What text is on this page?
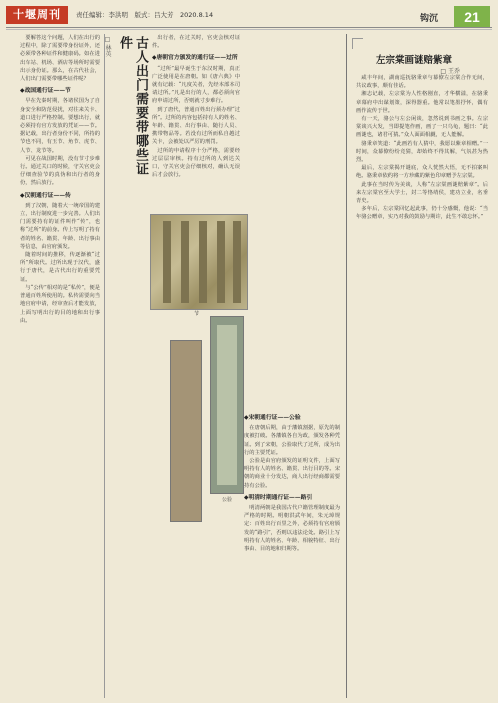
十堰周刊	责任编辑：李洪明　版式：吕大芳　2020.8.14	钩沉	21

要解答这个问题，人们在出行的过程中，除了需要带身份证外，还必须带各种证件和健康码。如在进出车站、机场、酒店等场所时需要出示身份证。那么，在古代社会，人们出门需要带哪些证件呢？

◆战国通行证——节

早在先秦时期，各诸侯国为了自身安全和防范侵扰，对往来关卡、道口进行严格控制。要想出行，就必须持有官方发放的凭证——节。据记载，出行者身份不同，所持的节也不同，有玉节、角节、虎节、人节、龙节等。

可见在战国时期，没有节寸步难行。通过关口的时候，守关官吏会仔细查验节的真伪和出行者的身份，然后放行。

◆汉朝通行证——传

到了汉朝，随着大一统帝国的建立，出行制度进一步完善。人们出门需要持有的证件叫作“传”，也称“过所”的前身。传上写明了持有者的姓名、籍贯、年龄、出行事由等信息，由官府颁发。

随着时间的推移，传逐渐被“过所”所取代。过所出现于汉代，盛行于唐代，是古代出行的重要凭证。

与“公传”相对的是“私传”，便是普通百姓所使用的。私传需要向当地官府申请，经审查后才能发放，上面写明出行的目的地和出行事由。

古人出门需要带哪些证件
□ 林英	出行者，在过关时，官吏会核对证件。

◆唐朝官方颁发的通行证——过所

“过所”最早诞生于东汉时期，真正广泛使用是在唐朝。如《唐六典》中就有记载：“凡度关者，先经本部本司请过所。”凡是出行的人，都必须向官府申请过所，否则就寸步难行。

到了唐代，普通百姓出行须办理“过所”。过所的内容包括持有人的姓名、年龄、籍贯、出行事由、随行人员、携带物品等。若没有过所而私自越过关卡，会被处以严厉的刑罚。

过所的申请程序十分严格，需要经过层层审核。持有过所的人到达关口，守关官吏会仔细核对，确认无误后才会放行。

节
公验
◆宋朝通行证——公验

在唐朝后期，由于藩镇割据，原先的制度被打破。各藩镇各自为政，颁发各种凭证。到了宋朝，公验取代了过所，成为出行的主要凭证。

公验是由官府颁发的证明文件，上面写明持有人的姓名、籍贯、出行目的等。宋朝的商业十分发达，商人出行经商都需要持有公验。

◆明清时期通行证——路引

明清两朝是我国古代户籍管理制度最为严格的时期。明朝洪武年间，朱元璋规定：百姓出行百里之外，必须持有官府颁发的“路引”，否则以违法论处。路引上写明持有人的姓名、年龄、相貌特征、出行事由、目的地和归期等。

左宗棠画谜赔紫章
□ 王乔

咸丰年间，湖南巡抚骆秉章与幕僚左宗棠合作无间，共议政事，颇有佳话。

湘志记载，左宗棠为人性格刚直，才华横溢，在骆秉章幕府中出谋划策，深得器重。他常以笔墨抒怀，偶有画作流传于世。

有一天，骆公与左公闲谈，忽然说到书画之事。左宗棠谈兴大发，当即提笔作画，画了一只乌龟，题曰：“此画谜也，诸君可猜。”众人面面相觑，无人能解。

骆秉章笑道：“此画若有人猜中，我愿以紫章相赠。”一时间，众幕僚纷纷竞猜，却始终不得其解，气氛甚为热烈。

最后，左宗棠揭开谜底，众人恍然大悟，无不拍案叫绝。骆秉章依约将一方珍藏的紫色印章赠予左宗棠。

此事在当时传为美谈，人称“左宗棠画谜赔紫章”。后来左宗棠官至大学士，封二等恪靖侯，建功立业，名垂青史。

多年后，左宗棠回忆起此事，仍十分感慨，他说：“当年骆公赠章，实乃对我的鼓励与期许，此生不敢忘怀。”
